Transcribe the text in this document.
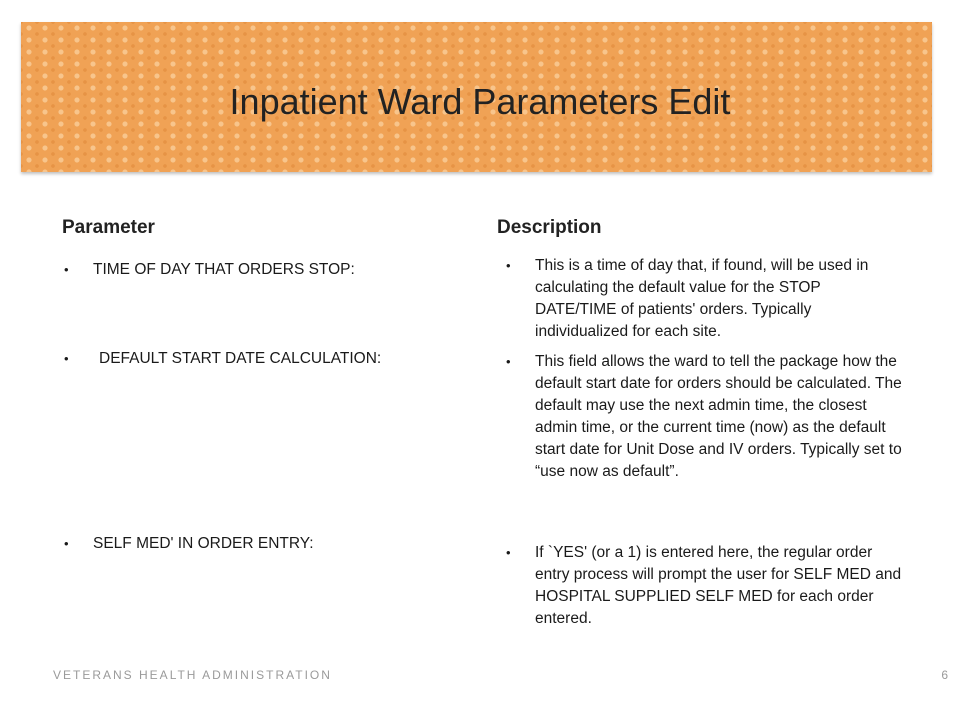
Inpatient Ward Parameters Edit
Parameter	Description
• TIME OF DAY THAT ORDERS STOP:
• DEFAULT START DATE CALCULATION:
• SELF MED' IN ORDER ENTRY:
• This is a time of day that, if found, will be used in calculating the default value for the STOP DATE/TIME of patients' orders. Typically individualized for each site.
• This field allows the ward to tell the package how the default start date for orders should be calculated. The default may use the next admin time, the closest admin time, or the current time (now) as the default start date for Unit Dose and IV orders. Typically set to “use now as default”.
• If `YES' (or a 1) is entered here, the regular order entry process will prompt the user for SELF MED and HOSPITAL SUPPLIED SELF MED for each order entered.
VETERANS HEALTH ADMINISTRATION	6
